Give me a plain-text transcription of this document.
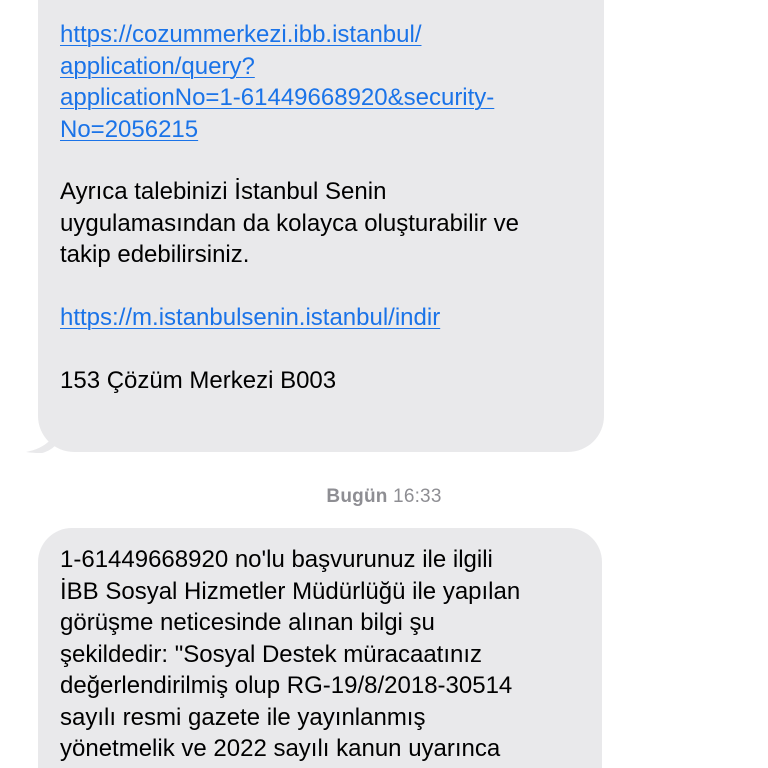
https://cozummerkezi.ibb.istanbul/
application/query?
applicationNo=1-61449668920&security-
No=2056215
Ayrıca talebinizi İstanbul Senin
uygulamasından da kolayca oluşturabilir ve
takip edebilirsiniz.
https://m.istanbulsenin.istanbul/indir
153 Çözüm Merkezi B003
Bugün 16:33
1-61449668920 no'lu başvurunuz ile ilgili
İBB Sosyal Hizmetler Müdürlüğü ile yapılan
görüşme neticesinde alınan bilgi şu
şekildedir: "Sosyal Destek müracaatınız
değerlendirilmiş olup RG-19/8/2018-30514
sayılı resmi gazete ile yayınlanmış
yönetmelik ve 2022 sayılı kanun uyarınca
